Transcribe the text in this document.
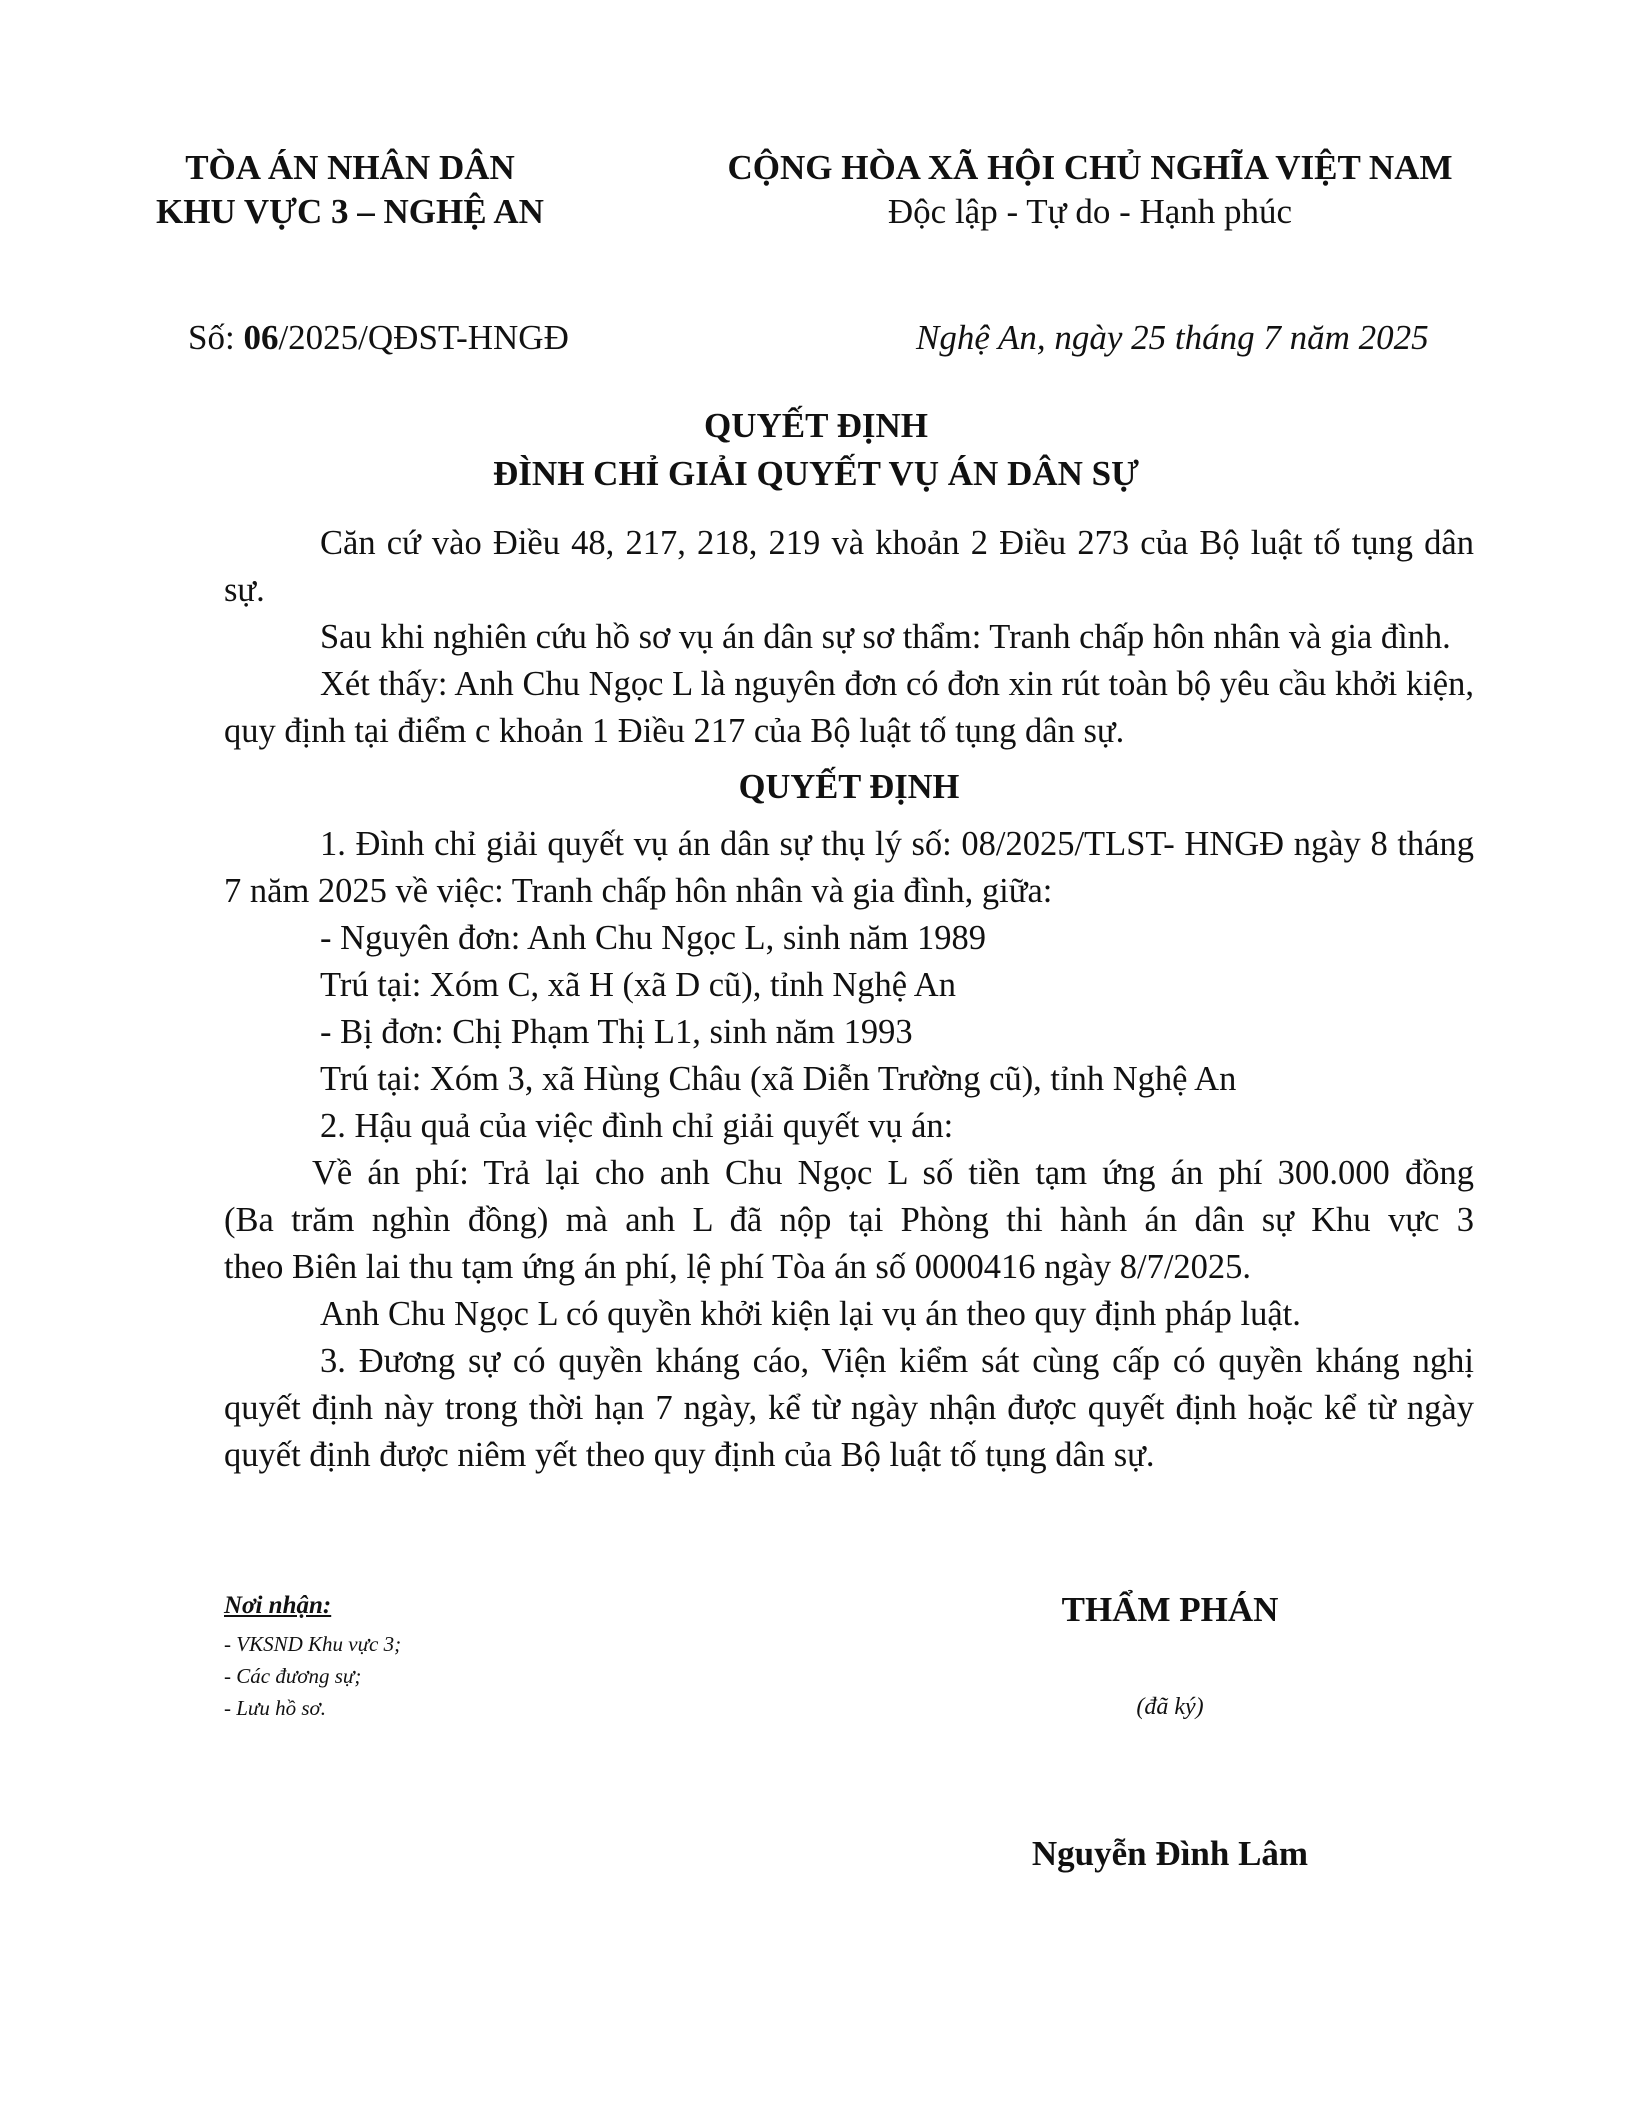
TÒA ÁN NHÂN DÂN
KHU VỰC 3 – NGHỆ AN
CỘNG HÒA XÃ HỘI CHỦ NGHĨA VIỆT NAM
Độc lập - Tự do - Hạnh phúc
Số: 06/2025/QĐST-HNGĐ	Nghệ An, ngày 25 tháng 7 năm 2025
QUYẾT ĐỊNH
ĐÌNH CHỈ GIẢI QUYẾT VỤ ÁN DÂN SỰ

Căn cứ vào Điều 48, 217, 218, 219 và khoản 2 Điều 273 của Bộ luật tố tụng dân sự.

Sau khi nghiên cứu hồ sơ vụ án dân sự sơ thẩm: Tranh chấp hôn nhân và gia đình.

Xét thấy: Anh Chu Ngọc L là nguyên đơn có đơn xin rút toàn bộ yêu cầu khởi kiện, quy định tại điểm c khoản 1 Điều 217 của Bộ luật tố tụng dân sự.

QUYẾT ĐỊNH

1. Đình chỉ giải quyết vụ án dân sự thụ lý số: 08/2025/TLST- HNGĐ ngày 8 tháng 7 năm 2025 về việc: Tranh chấp hôn nhân và gia đình, giữa:

- Nguyên đơn: Anh Chu Ngọc L, sinh năm 1989

Trú tại: Xóm C, xã H (xã D cũ), tỉnh Nghệ An

- Bị đơn: Chị Phạm Thị L1, sinh năm 1993

Trú tại: Xóm 3, xã Hùng Châu (xã Diễn Trường cũ), tỉnh Nghệ An

2. Hậu quả của việc đình chỉ giải quyết vụ án:

Về án phí: Trả lại cho anh Chu Ngọc L số tiền tạm ứng án phí 300.000 đồng

(Ba trăm nghìn đồng) mà anh L đã nộp tại Phòng thi hành án dân sự Khu vực 3

theo Biên lai thu tạm ứng án phí, lệ phí Tòa án số 0000416 ngày 8/7/2025.

Anh Chu Ngọc L có quyền khởi kiện lại vụ án theo quy định pháp luật.

3. Đương sự có quyền kháng cáo, Viện kiểm sát cùng cấp có quyền kháng nghị quyết định này trong thời hạn 7 ngày, kể từ ngày nhận được quyết định hoặc kể từ ngày quyết định được niêm yết theo quy định của Bộ luật tố tụng dân sự.

Nơi nhận:
- VKSND Khu vực 3;
- Các đương sự;
- Lưu hồ sơ.
THẨM PHÁN
(đã ký)
Nguyễn Đình Lâm
